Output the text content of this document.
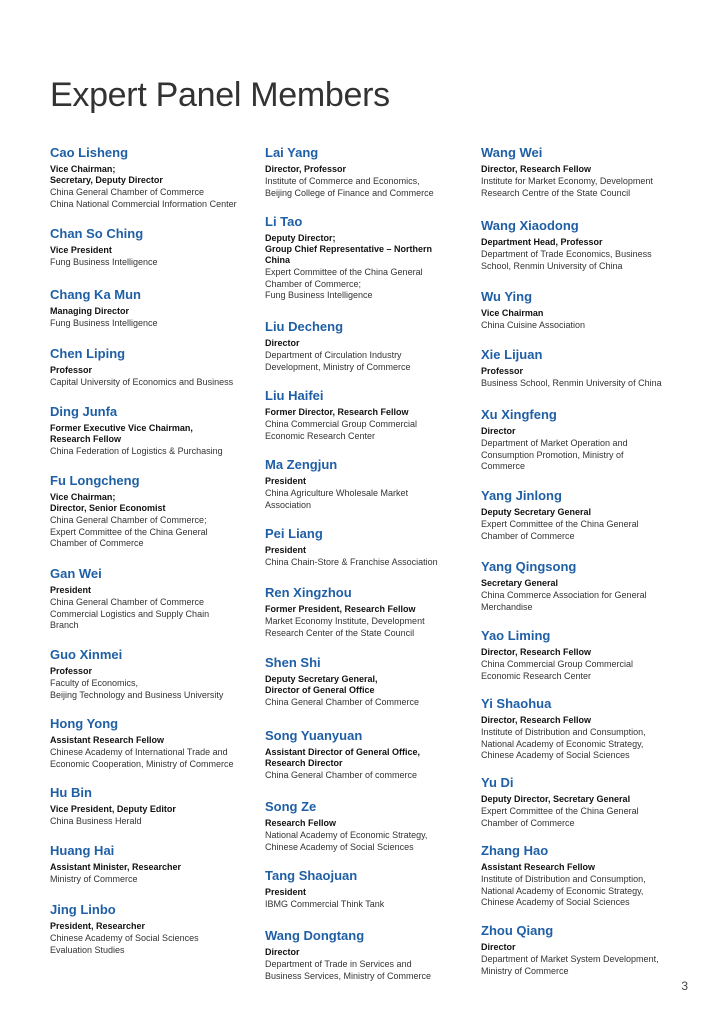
Expert Panel Members
Cao Lisheng
Vice Chairman;
Secretary, Deputy Director
China General Chamber of Commerce
China National Commercial Information Center
Chan So Ching
Vice President
Fung Business Intelligence
Chang Ka Mun
Managing Director
Fung Business Intelligence
Chen Liping
Professor
Capital University of Economics and Business
Ding Junfa
Former Executive Vice Chairman,
Research Fellow
China Federation of Logistics & Purchasing
Fu Longcheng
Vice Chairman;
Director, Senior Economist
China General Chamber of Commerce;
Expert Committee of the China General
Chamber of Commerce
Gan Wei
President
China General Chamber of Commerce
Commercial Logistics and Supply Chain
Branch
Guo Xinmei
Professor
Faculty of Economics,
Beijing Technology and Business University
Hong Yong
Assistant Research Fellow
Chinese Academy of International Trade and
Economic Cooperation, Ministry of Commerce
Hu Bin
Vice President, Deputy Editor
China Business Herald
Huang Hai
Assistant Minister, Researcher
Ministry of Commerce
Jing Linbo
President, Researcher
Chinese Academy of Social Sciences
Evaluation Studies
Lai Yang
Director, Professor
Institute of Commerce and Economics,
Beijing College of Finance and Commerce
Li Tao
Deputy Director;
Group Chief Representative – Northern
China
Expert Committee of the China General
Chamber of Commerce;
Fung Business Intelligence
Liu Decheng
Director
Department of Circulation Industry
Development, Ministry of Commerce
Liu Haifei
Former Director, Research Fellow
China Commercial Group Commercial
Economic Research Center
Ma Zengjun
President
China Agriculture Wholesale Market
Association
Pei Liang
President
China Chain-Store & Franchise Association
Ren Xingzhou
Former President, Research Fellow
Market Economy Institute, Development
Research Center of the State Council
Shen Shi
Deputy Secretary General,
Director of General Office
China General Chamber of Commerce
Song Yuanyuan
Assistant Director of General Office,
Research Director
China General Chamber of commerce
Song Ze
Research Fellow
National Academy of Economic Strategy,
Chinese Academy of Social Sciences
Tang Shaojuan
President
IBMG Commercial Think Tank
Wang Dongtang
Director
Department of Trade in Services and
Business Services, Ministry of Commerce
Wang Wei
Director, Research Fellow
Institute for Market Economy, Development
Research Centre of the State Council
Wang Xiaodong
Department Head, Professor
Department of Trade Economics, Business
School, Renmin University of China
Wu Ying
Vice Chairman
China Cuisine Association
Xie Lijuan
Professor
Business School, Renmin University of China
Xu Xingfeng
Director
Department of Market Operation and
Consumption Promotion, Ministry of
Commerce
Yang Jinlong
Deputy Secretary General
Expert Committee of the China General
Chamber of Commerce
Yang Qingsong
Secretary General
China Commerce Association for General
Merchandise
Yao Liming
Director, Research Fellow
China Commercial Group Commercial
Economic Research Center
Yi Shaohua
Director, Research Fellow
Institute of Distribution and Consumption,
National Academy of Economic Strategy,
Chinese Academy of Social Sciences
Yu Di
Deputy Director, Secretary General
Expert Committee of the China General
Chamber of Commerce
Zhang Hao
Assistant Research Fellow
Institute of Distribution and Consumption,
National Academy of Economic Strategy,
Chinese Academy of Social Sciences
Zhou Qiang
Director
Department of Market System Development,
Ministry of Commerce
3
